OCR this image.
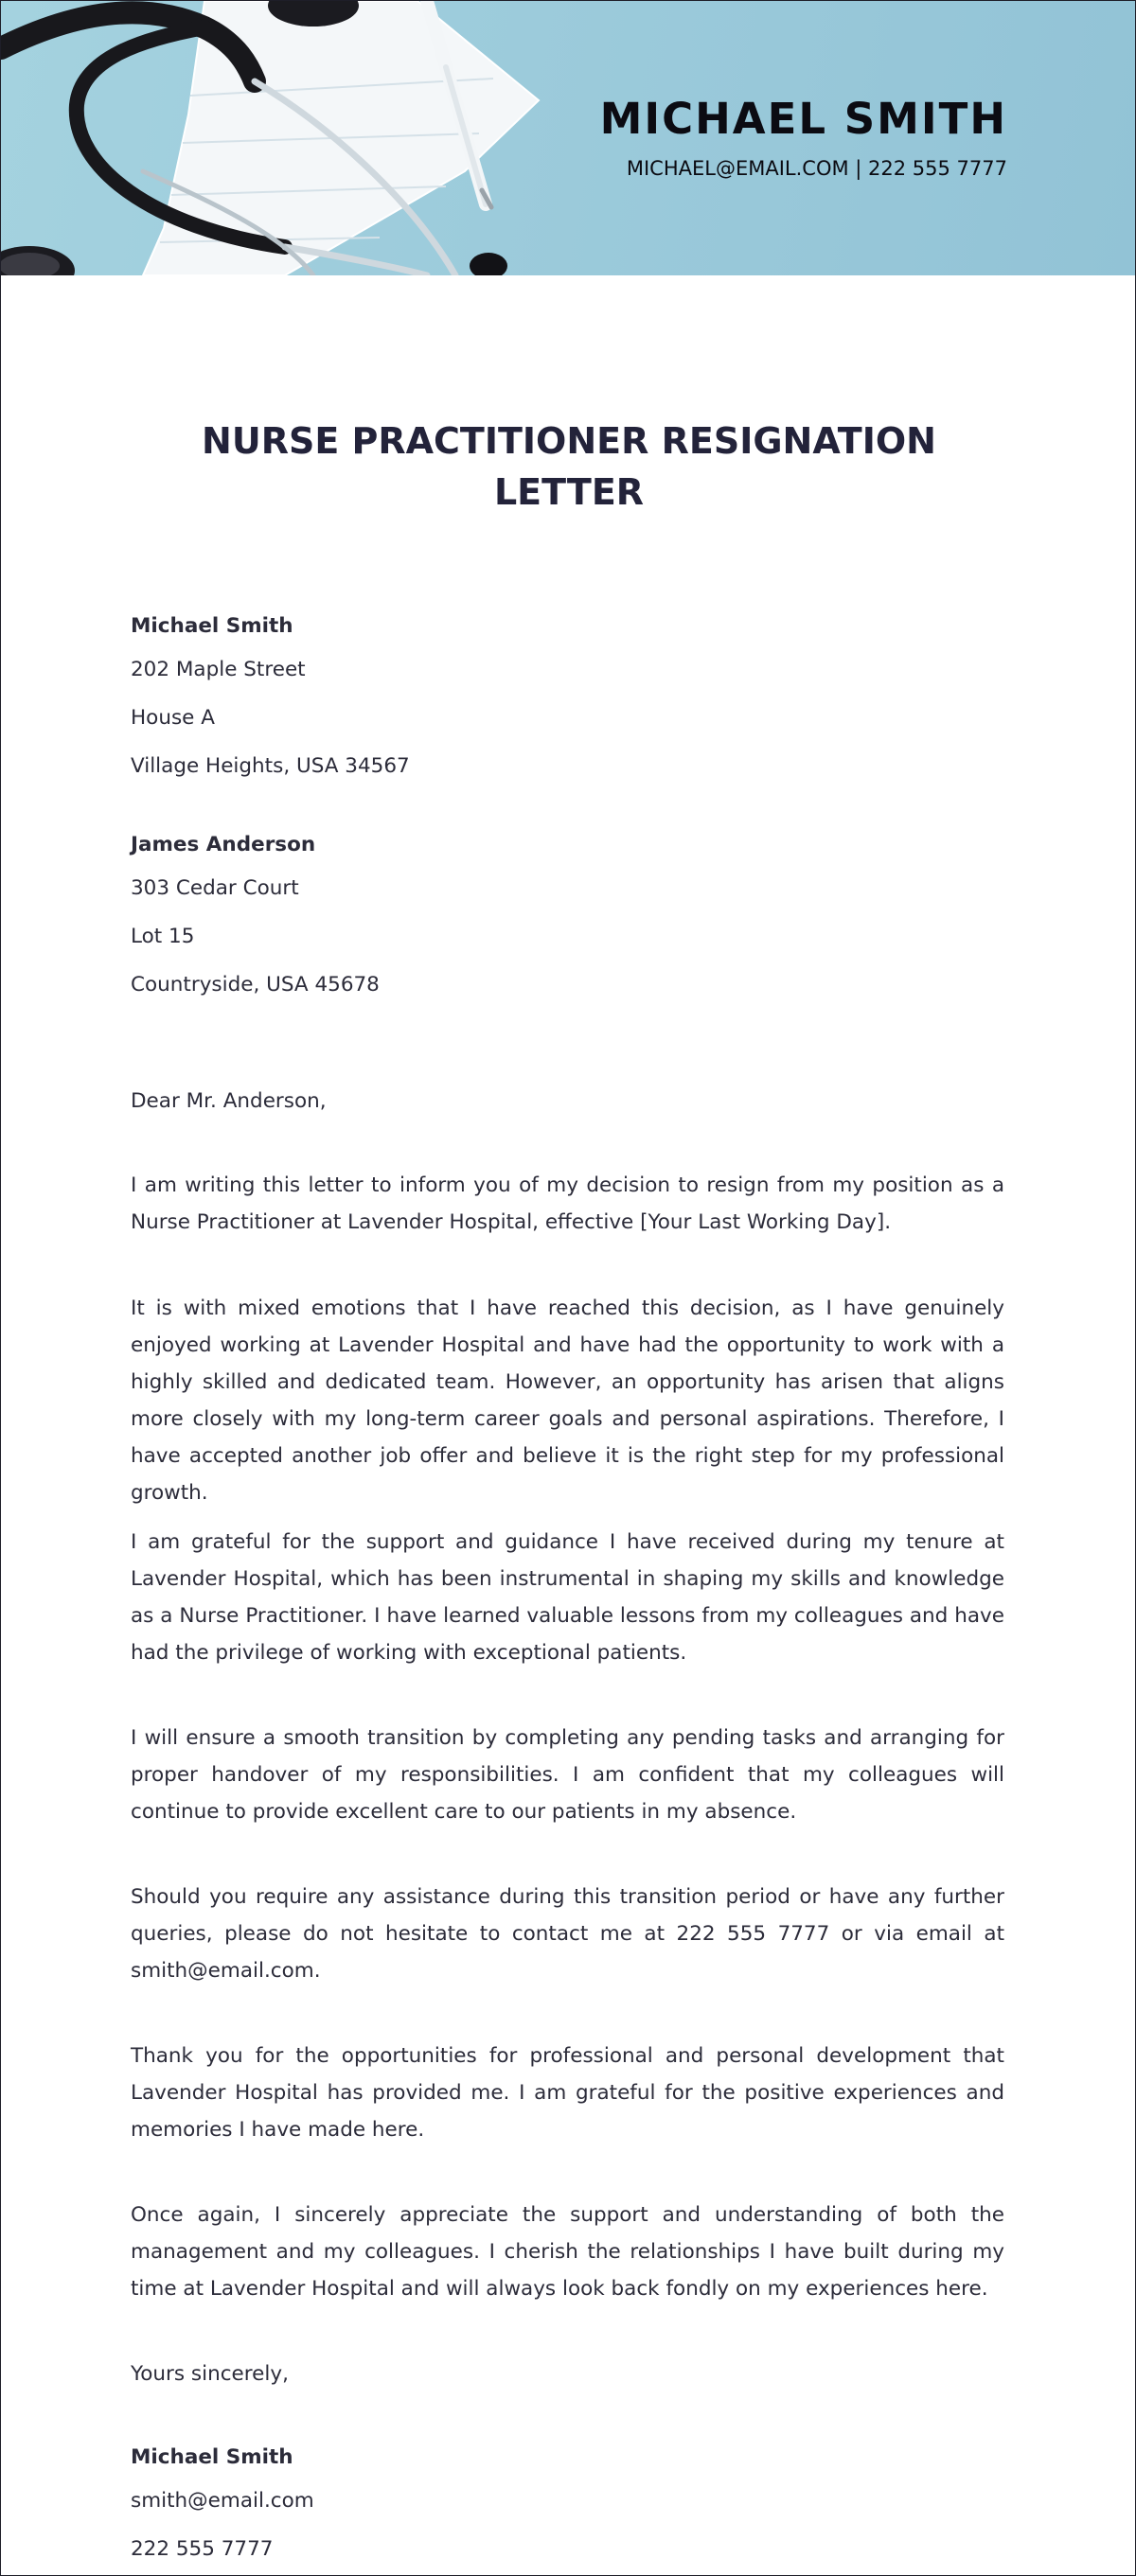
MICHAEL SMITH
MICHAEL@EMAIL.COM | 222 555 7777
NURSE PRACTITIONER RESIGNATION
LETTER
Michael Smith
202 Maple Street
House A
Village Heights, USA 34567
James Anderson
303 Cedar Court
Lot 15
Countryside, USA 45678
Dear Mr. Anderson,
I am writing this letter to inform you of my decision to resign from my position as a Nurse Practitioner at Lavender Hospital, effective [Your Last Working Day].
It is with mixed emotions that I have reached this decision, as I have genuinely enjoyed working at Lavender Hospital and have had the opportunity to work with a highly skilled and dedicated team. However, an opportunity has arisen that aligns more closely with my long-term career goals and personal aspirations. Therefore, I have accepted another job offer and believe it is the right step for my professional growth.
I am grateful for the support and guidance I have received during my tenure at Lavender Hospital, which has been instrumental in shaping my skills and knowledge as a Nurse Practitioner. I have learned valuable lessons from my colleagues and have had the privilege of working with exceptional patients.
I will ensure a smooth transition by completing any pending tasks and arranging for proper handover of my responsibilities. I am confident that my colleagues will continue to provide excellent care to our patients in my absence.
Should you require any assistance during this transition period or have any further queries, please do not hesitate to contact me at 222 555 7777 or via email at smith@email.com.
Thank you for the opportunities for professional and personal development that Lavender Hospital has provided me. I am grateful for the positive experiences and memories I have made here.
Once again, I sincerely appreciate the support and understanding of both the management and my colleagues. I cherish the relationships I have built during my time at Lavender Hospital and will always look back fondly on my experiences here.
Yours sincerely,
Michael Smith
smith@email.com
222 555 7777
